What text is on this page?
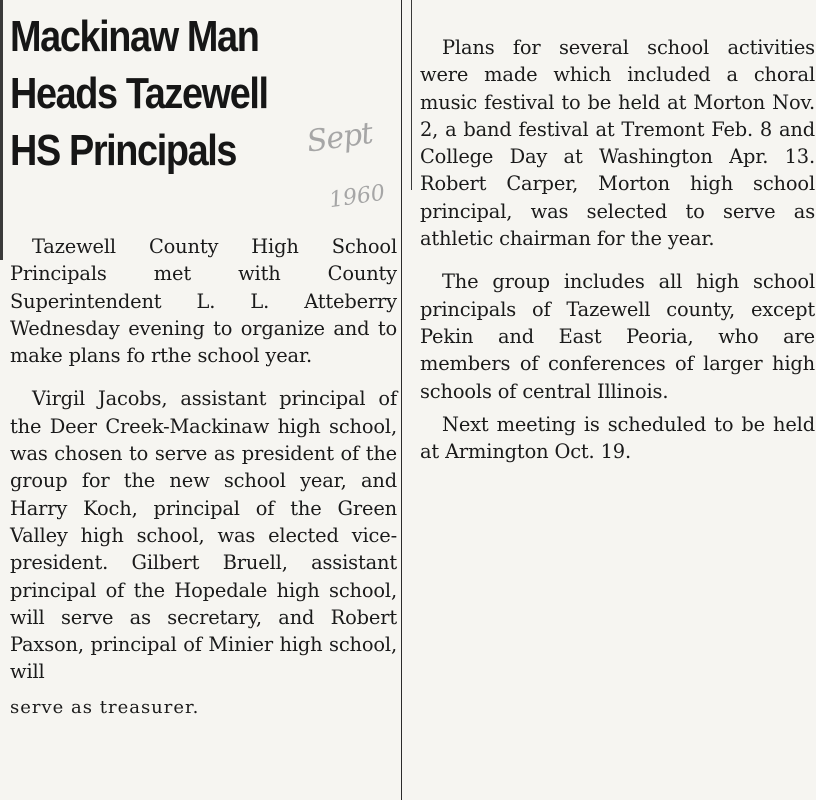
Mackinaw Man
Heads Tazewell
HS Principals	Sept
1960

Tazewell County High School Principals met with County Superintendent L. L. Atteberry Wednesday evening to organize and to make plans fo rthe school year.

Virgil Jacobs, assistant principal of the Deer Creek-Mackinaw high school, was chosen to serve as president of the group for the new school year, and Harry Koch, principal of the Green Valley high school, was elected vice-president. Gilbert Bruell, assistant principal of the Hopedale high school, will serve as secretary, and Robert Paxson, principal of Minier high school, will

serve as treasurer.

Plans for several school activities were made which included a choral music festival to be held at Morton Nov. 2, a band festival at Tremont Feb. 8 and College Day at Washington Apr. 13. Robert Carper, Morton high school principal, was selected to serve as athletic chairman for the year.

The group includes all high school principals of Tazewell county, except Pekin and East Peoria, who are members of conferences of larger high schools of central Illinois.

Next meeting is scheduled to be held at Armington Oct. 19.
